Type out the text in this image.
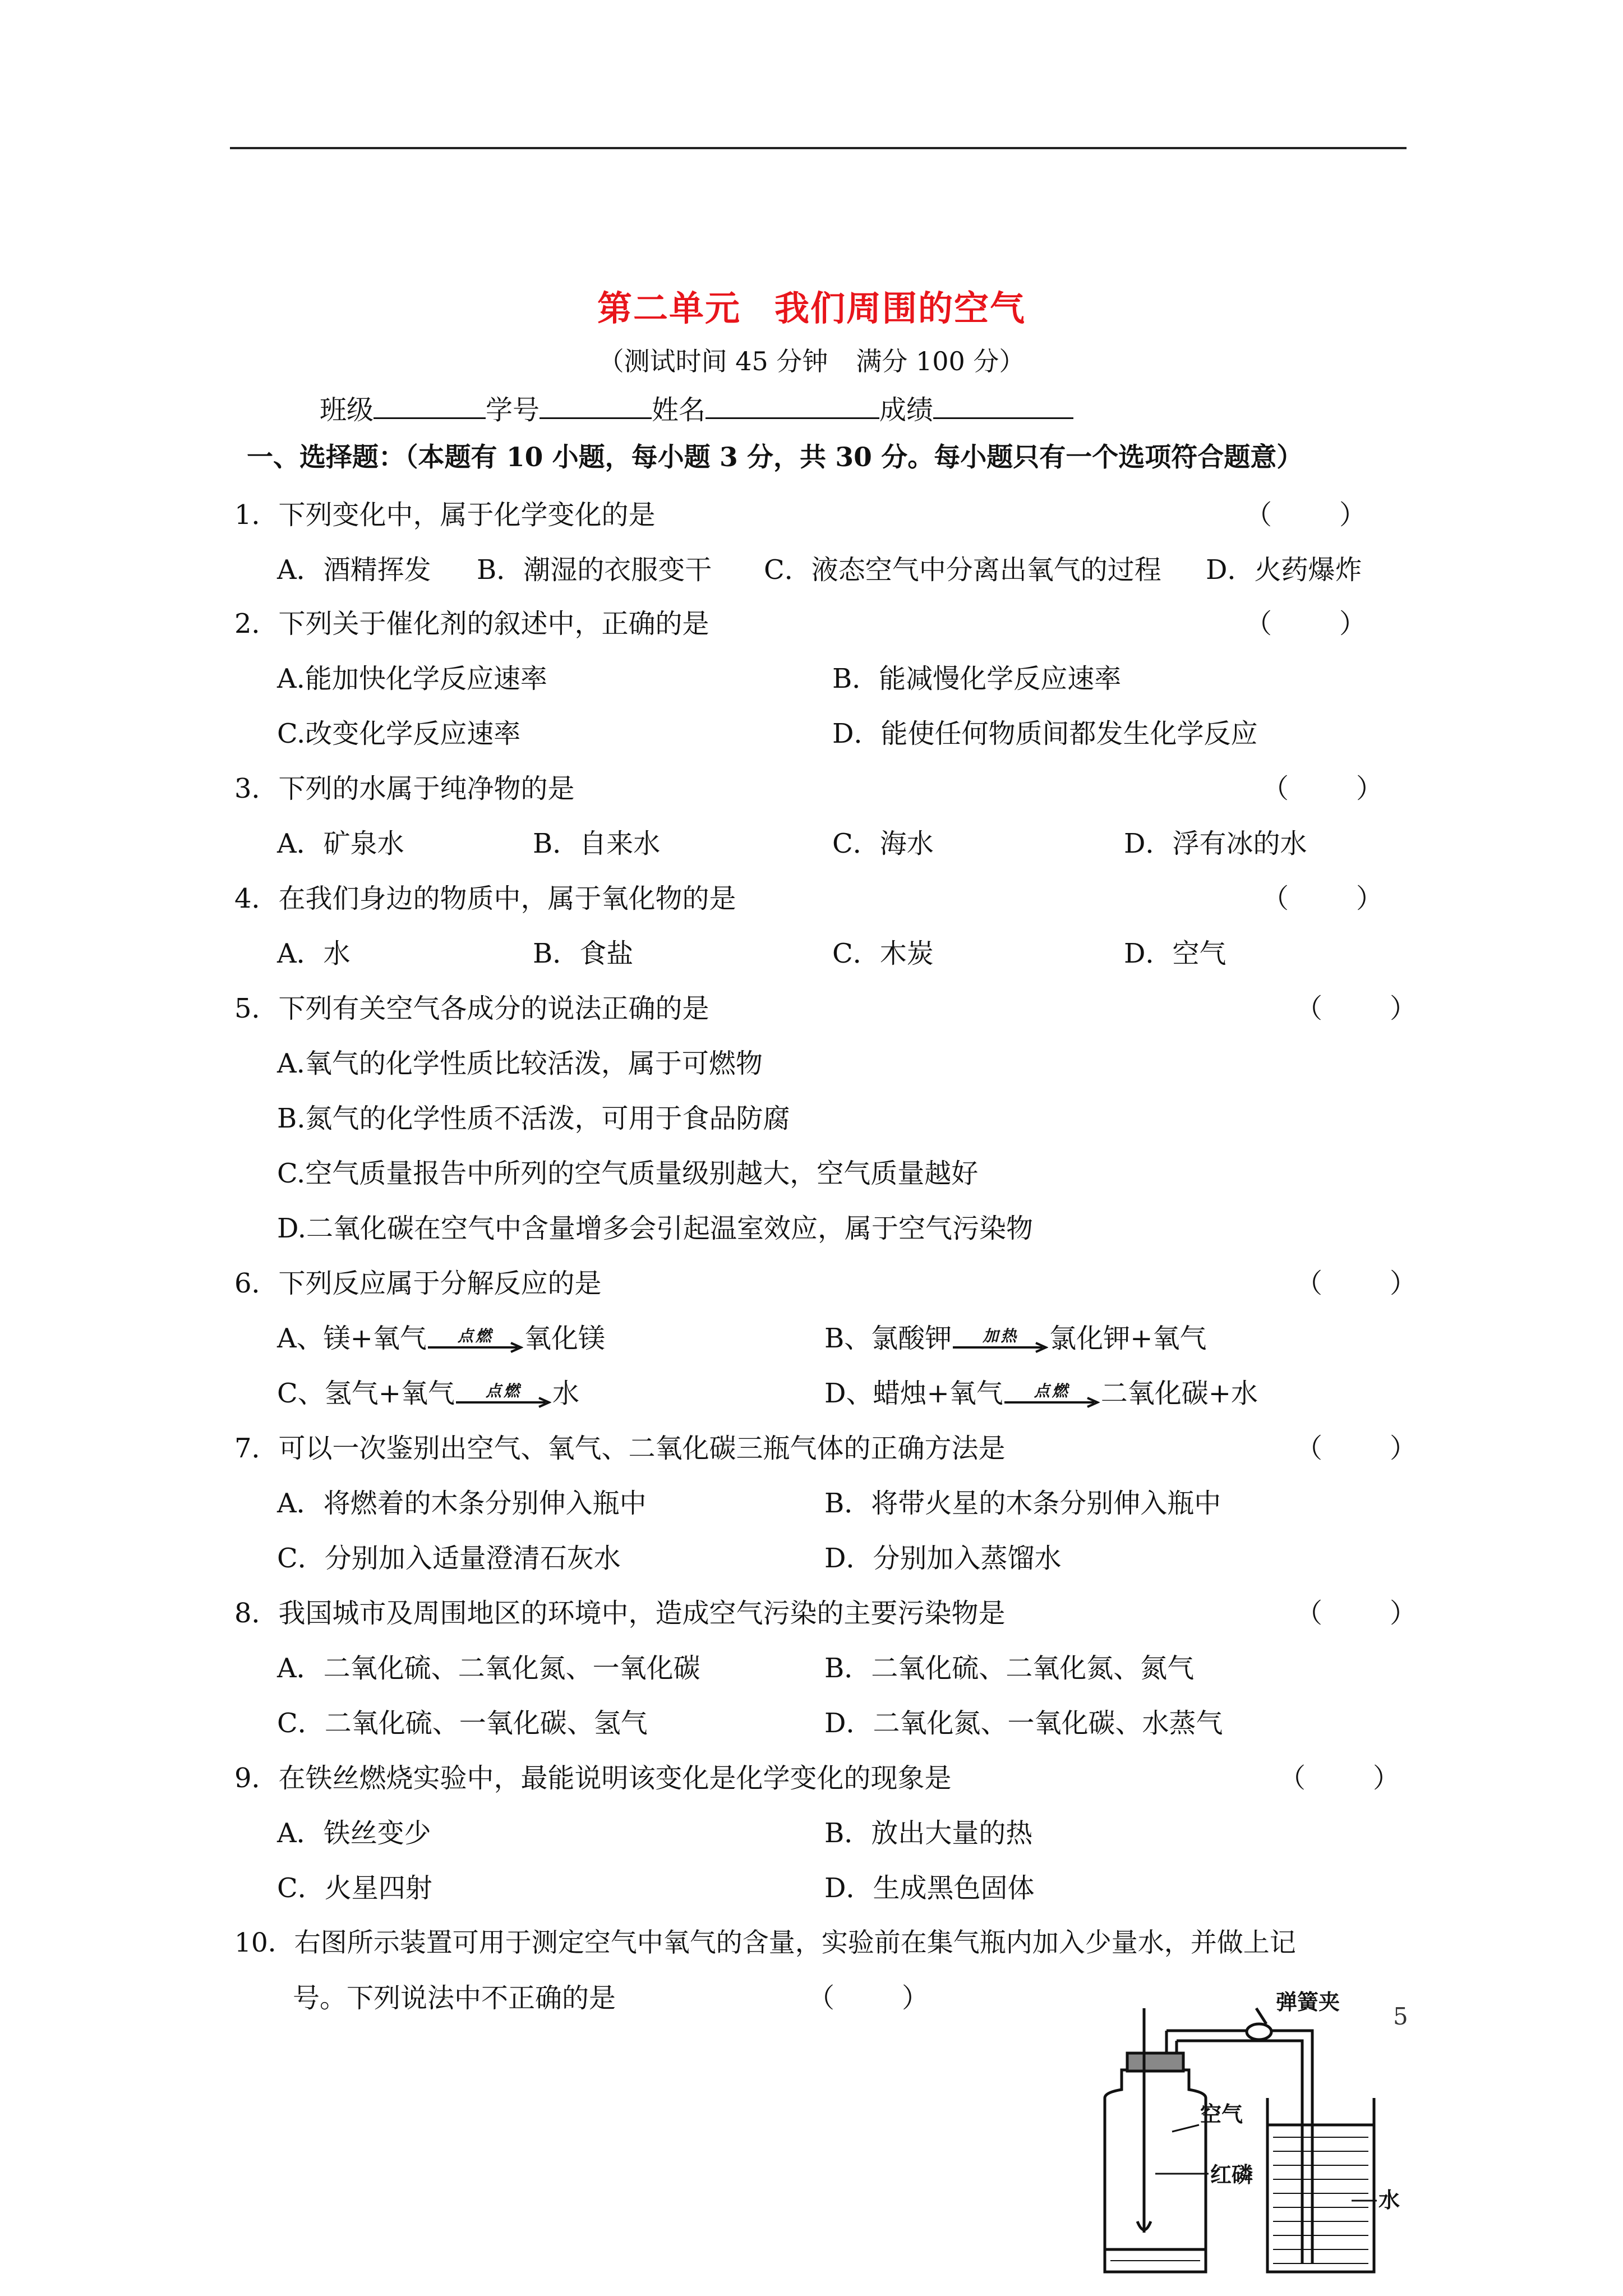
第二单元 我们周围的空气
（测试时间 45 分钟 满分 100 分）
班级	学号	姓名	成绩
一、选择题：（本题有 10 小题，每小题 3 分，共 30 分。每小题只有一个选项符合题意）
1．下列变化中，属于化学变化的是	（	）
A．酒精挥发 B．潮湿的衣服变干 C．液态空气中分离出氧气的过程 D．火药爆炸
2．下列关于催化剂的叙述中，正确的是	（	）
A.能加快化学反应速率	B．能减慢化学反应速率
C.改变化学反应速率	D．能使任何物质间都发生化学反应
3．下列的水属于纯净物的是	（	）
A．矿泉水	B．自来水	C．海水	D．浮有冰的水
4．在我们身边的物质中，属于氧化物的是	（	）
A．水	B．食盐	C．木炭	D．空气
5．下列有关空气各成分的说法正确的是	（	）
A.氧气的化学性质比较活泼，属于可燃物
B.氮气的化学性质不活泼，可用于食品防腐
C.空气质量报告中所列的空气质量级别越大，空气质量越好
D.二氧化碳在空气中含量增多会引起温室效应，属于空气污染物
6．下列反应属于分解反应的是	（	）
A、镁+氧气	点燃	氧化镁	B、氯酸钾	加热	氯化钾+氧气
C、氢气+氧气	点燃	水	D、蜡烛+氧气	点燃	二氧化碳+水
7．可以一次鉴别出空气、氧气、二氧化碳三瓶气体的正确方法是	（	）
A．将燃着的木条分别伸入瓶中	B．将带火星的木条分别伸入瓶中
C．分别加入适量澄清石灰水	D．分别加入蒸馏水
8．我国城市及周围地区的环境中，造成空气污染的主要污染物是	（	）
A．二氧化硫、二氧化氮、一氧化碳	B．二氧化硫、二氧化氮、氮气
C．二氧化硫、一氧化碳、氢气	D．二氧化氮、一氧化碳、水蒸气
9．在铁丝燃烧实验中，最能说明该变化是化学变化的现象是	（	）
A．铁丝变少	B．放出大量的热
C．火星四射	D．生成黑色固体
10．右图所示装置可用于测定空气中氧气的含量，实验前在集气瓶内加入少量水，并做上记
号。下列说法中不正确的是	（	）
5
弹簧夹
空气
红磷
水
